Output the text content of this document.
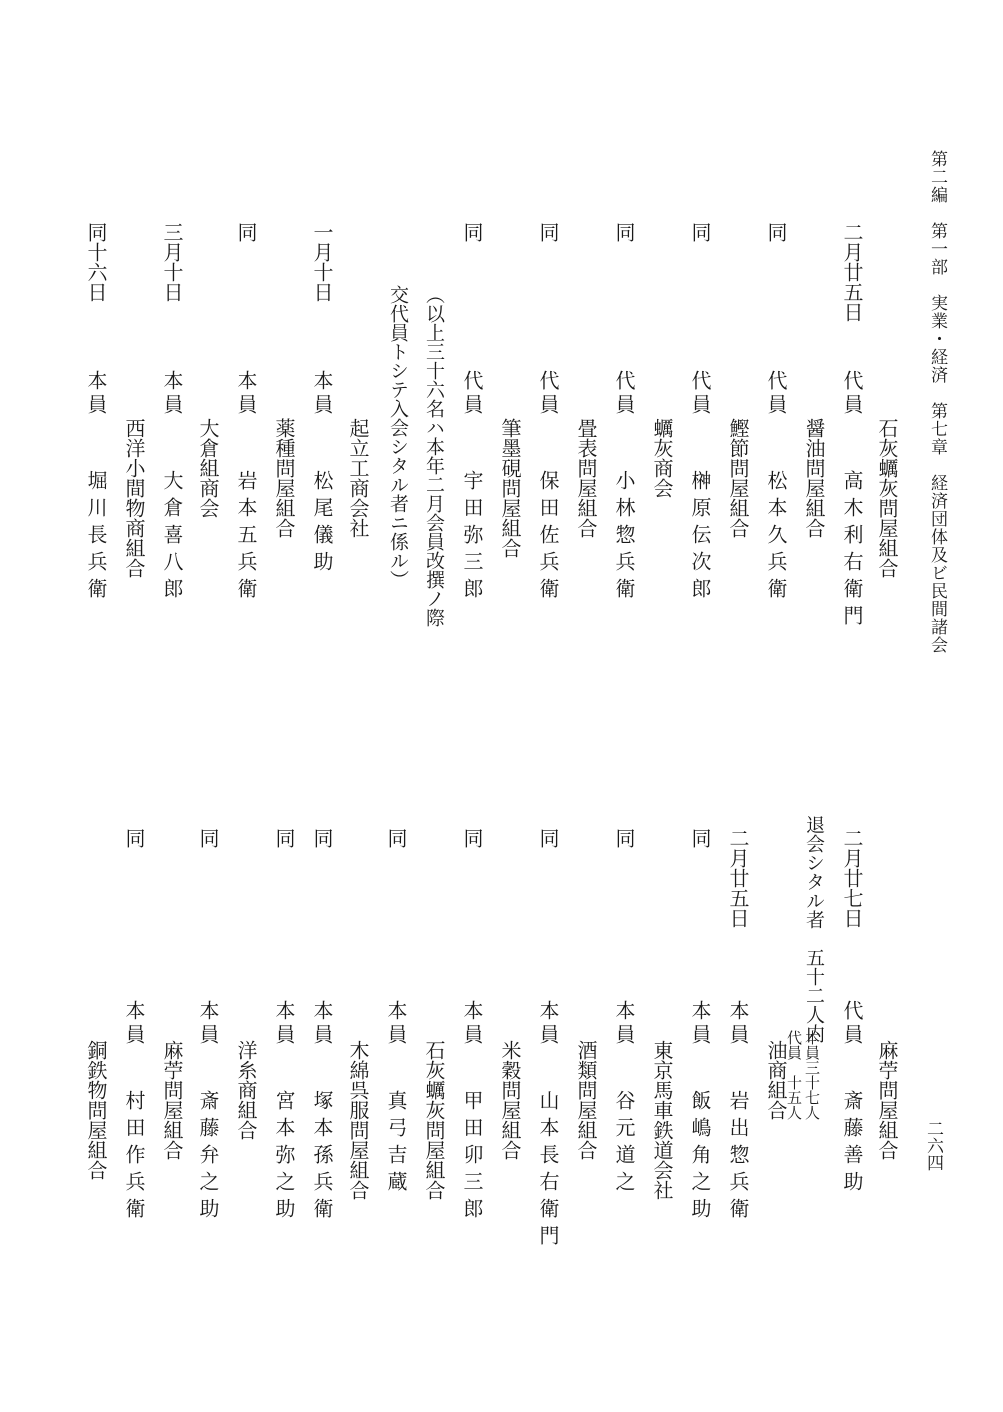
第二編　第一部　実業・経済　第七章　経済団体及ビ民間諸会
二六四
石灰蠣灰問屋組合
二月廿五日
代員
高木利右衛門
醤油問屋組合
同
代員
松本久兵衛
鰹節問屋組合
同
代員
榊原伝次郎
蠣灰商会
同
代員
小林惣兵衛
畳表問屋組合
同
代員
保田佐兵衛
筆墨硯問屋組合
同
代員
宇田弥三郎
（以上三十六名ハ本年二月会員改撰ノ際
交代員トシテ入会シタル者ニ係ル）
起立工商会社
一月十日
本員
松尾儀助
薬種問屋組合
同
本員
岩本五兵衛
大倉組商会
三月十日
本員
大倉喜八郎
西洋小間物商組合
同十六日
本員
堀川長兵衛
麻苧問屋組合
二月廿七日
代員
斎藤善助
退会シタル者　五十二人内
油商組合
二月廿五日
本員
岩出惣兵衛
東京馬車鉄道会社
同
本員
飯嶋角之助
酒類問屋組合
同
本員
谷元道之
米穀問屋組合
同
本員
山本長右衛門
石灰蠣灰問屋組合
同
本員
甲田卯三郎
木綿呉服問屋組合
同
本員
真弓吉蔵
同
本員
塚本孫兵衛
洋糸商組合
同
本員
宮本弥之助
麻苧問屋組合
同
本員
斎藤弁之助
銅鉄物問屋組合
同
本員
村田作兵衛
本員三十七人
代員　十五人
